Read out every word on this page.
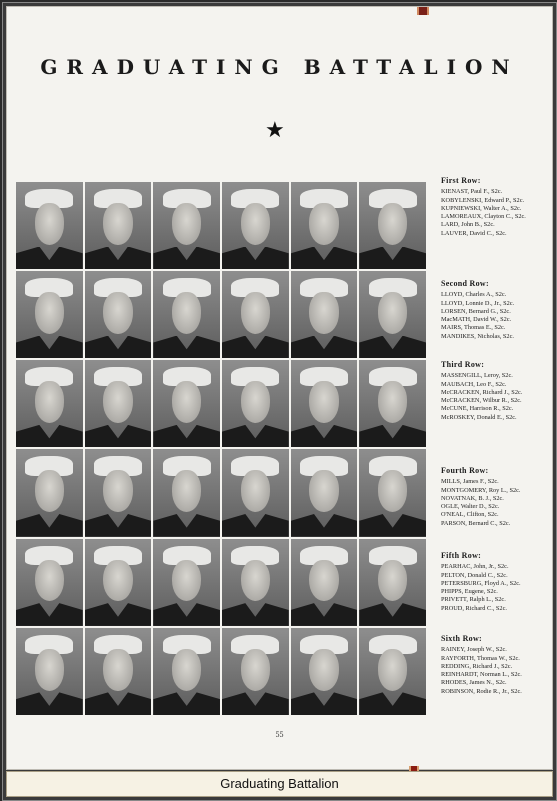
GRADUATING BATTALION
★
First Row:

KIENAST, Paul F., S2c.

KOBYLENSKI, Edward P., S2c.

KUPNIEWSKI, Walter A., S2c.

LAMOREAUX, Clayton C., S2c.

LARD, John B., S2c.

LAUVER, David C., S2c.

Second Row:

LLOYD, Charles A., S2c.

LLOYD, Lonnie D., Jr., S2c.

LORSEN, Bernard G., S2c.

MacMATH, David W., S2c.

MAIRS, Thomas E., S2c.

MANDIKES, Nicholas, S2c.

Third Row:

MASSENGILL, Leroy, S2c.

MAUBACH, Leo F., S2c.

McCRACKEN, Richard J., S2c.

McCRACKEN, Wilbur R., S2c.

McCUNE, Harrison R., S2c.

McROSKEY, Donald E., S2c.

Fourth Row:

MILLS, James F., S2c.

MONTGOMERY, Roy L., S2c.

NOVATNAK, B. J., S2c.

OGLE, Walter D., S2c.

O'NEAL, Clifton, S2c.

PARSON, Bernard C., S2c.

Fifth Row:

PEARHAC, John, Jr., S2c.

PELTON, Donald C., S2c.

PETERSBURG, Floyd A., S2c.

PHIPPS, Eugene, S2c.

PRIVETT, Ralph L., S2c.

PROUD, Richard C., S2c.

Sixth Row:

RAINEY, Joseph W., S2c.

RAYFORTH, Thomas W., S2c.

REDDING, Richard J., S2c.

REINHARDT, Norman L., S2c.

RHODES, James N., S2c.

ROBINSON, Rodie R., Jr., S2c.

55
Graduating Battalion
